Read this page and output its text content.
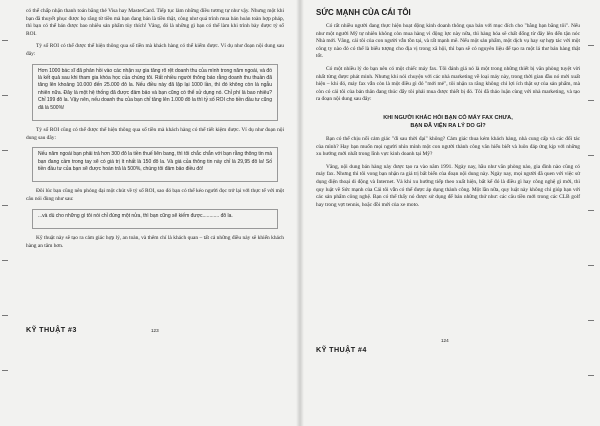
có thể chấp nhận thanh toán bằng thẻ Visa hay MasterCard. Tiếp tục làm những điều tương tự như vậy. Nhưng một khi bạn đã thuyết phục được họ rằng từ tiền mà bạn đang bán là tiền thật, công như quá trình mua bán hoàn toàn hợp pháp, thì bạn có thể bán được bao nhiêu sản phẩm tùy thích! Vâng, đó là những gì bạn có thể làm khi trình bày được tỷ số ROI.

Tỷ số ROI có thể được thể hiện thông qua số tiền mà khách hàng có thể kiếm được. Ví dụ như đoạn nội dung sau đây:

Hơn 1000 bác sĩ đã phản hồi vào các nhận sự gia tăng rõ rệt doanh thu của mình trong năm ngoái, và đó là kết quả sau khi tham gia khóa học của chúng tôi. Rất nhiều người thông báo rằng doanh thu thuần đã tăng lên khoảng 10.000 đến 25.000 đô la. Nếu điều này đã lặp lại 1000 lần, thì đó không còn là ngẫu nhiên nữa. Đây là một hệ thống đã được đảm bảo và bạn cũng có thể sử dụng nó. Chỉ phí là bao nhiêu? Chỉ 199 đô la. Vậy nên, nếu doanh thu của bạn chỉ tăng lên 1.000 đô la thì tỷ số ROI cho tiền đầu tư cũng đã là 500%!

Tỷ số ROI cũng có thể được thể hiện thông qua số tiền mà khách hàng có thể tiết kiệm được. Ví dụ như đoạn nội dung sau đây:

Nếu năm ngoái bạn phải trả hơn 300 đô la tiền thuế liên bang, thì tôi chắc chắn với bạn rằng thông tin mà bạn đang cầm trong tay sẽ có giá trị ít nhất là 150 đô la. Và giá của thông tin này chỉ là 29,95 đô la! Số tiền đầu tư của bạn sẽ được hoàn trả là 500%, chúng tôi đảm bảo điều đó!

Đôi lúc bạn cũng nên phóng đại một chút về tỷ số ROI, sao đó bạn có thể kéo người đọc trở lại với thực tế với một câu nói đùng như sau:

...và dù cho những gì tôi nói chỉ đúng một nửa, thì bạn cũng sẽ kiếm được............ đô la.

Kỹ thuật này sẽ tạo ra cảm giác hợp lý, an toàn, và thêm chí là khách quan – tất cả những điều này sẽ khiến khách hàng an tâm hơn.

KỸ THUẬT #3	123
SỨC MẠNH CỦA CÁI TÔI

Có rất nhiều người đang thực hiện hoạt động kinh doanh thông qua bán với mục đích cho "bằng bạn bằng tôi". Nếu như một người Mỹ tự nhiên không còn mua hàng vì động lực này nữa, thì hàng hóa sẽ chất đống từ đây lên đến tận nóc Nhà mới. Vâng, cái tôi của con người vẫn tồn tại, và rất mạnh mẽ. Nếu một sản phẩm, một dịch vụ hay sự hợp tác với một công ty nào đó có thể là biểu tượng cho địa vị trong xã hội, thì bạn sẽ có nguyên liệu để tạo ra một lá thư bán hàng thật tốt.

Có một nhiều lý do bạn nên có một chiếc máy fax. Tôi đánh giá nó là một trong những thiết bị văn phòng tuyệt vời nhất từng được phát minh. Nhưng khi nói chuyện với các nhà marketing về loại máy này, trong thời gian đầu nó mới xuất hiện – khi đó, máy fax vẫn còn là một điều gì đó "mới mẻ", tôi nhận ra rằng không chỉ lợi ích thật sự của sản phẩm, mà còn có cái tôi của bản thân đang thúc đẩy tôi phải mua được thiết bị đó. Tôi đã thảo luận cùng với nhà marketing, và tạo ra đoạn nội dung sau đây:

KHI NGƯỜI KHÁC HỎI BẠN CÓ MÁY FAX CHƯA,
BẠN ĐÃ VIỆN RA LÝ DO GÌ?

Bạn có thể chịu nổi cảm giác "đi sau thời đại" không? Cảm giác thua kém khách hàng, nhà cung cấp và các đối tác của mình? Hay bạn muốn mọi người nhìn mình một con người thành công văn hiểu biết và luôn đáp ứng kịp với những xu hướng mới nhất trong lĩnh vực kinh doanh tại Mỹ?

Vâng, nội dung bán hàng này được tạo ra vào năm 1991. Ngày nay, hầu như văn phòng nào, gia đình nào cũng có máy fax. Nhưng thì tôi vong bạn nhận ra giá trị bất biến của đoạn nội dung này. Ngày nay, mọi người đã quen với việc sử dụng điện thoại di động và Internet. Và khi xu hướng tiếp theo xuất hiện, bất kể đó là điều gì hay công nghệ gì mới, thì quy luật về Sức mạnh của Cái tôi vẫn có thể được áp dụng thành công. Một lần nữa, quy luật này không chỉ giúp bạn với các sản phẩm công nghệ. Bạn có thể thấy nó được sử dụng để bán những thứ như: các câu tiền mới trong các CLB golf hay trong vợt tennis, hoặc đồi mới của xe moto.

KỸ THUẬT #4
124
